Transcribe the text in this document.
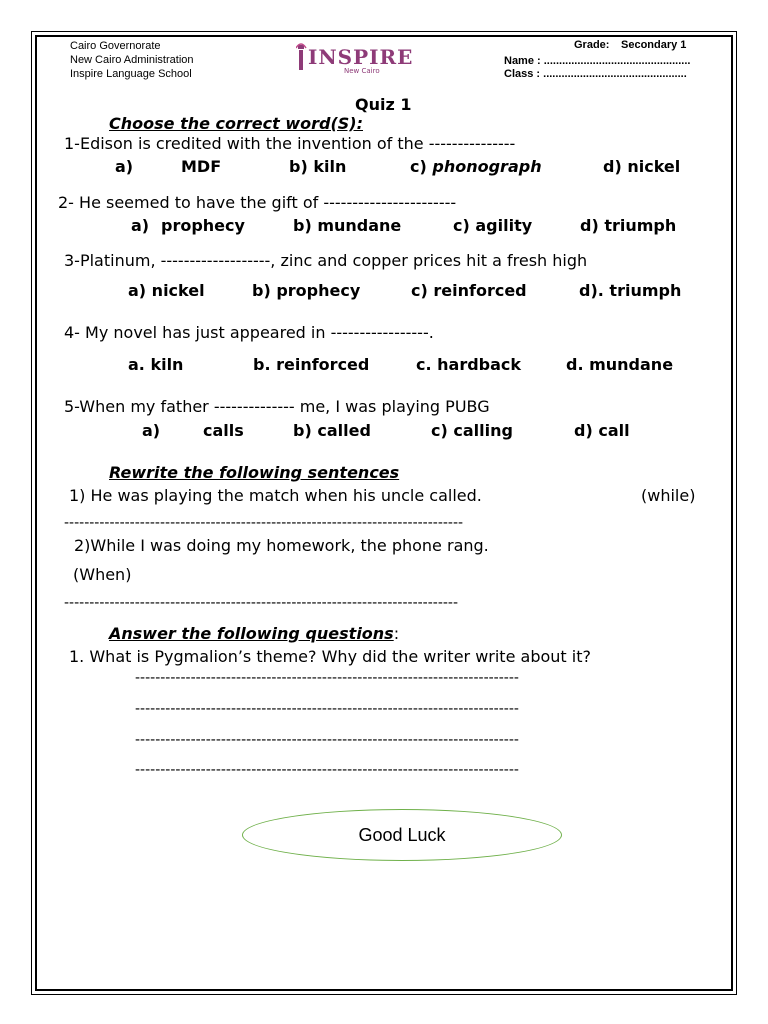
Cairo Governorate
New Cairo Administration
Inspire Language School
INSPIRE
New Cairo
Grade: Secondary 1
Name : ................................................
Class : ...............................................
Quiz 1
Choose the correct word(S):
1-Edison is credited with the invention of the ---------------
a)	MDF	b) kiln	c) phonograph	d) nickel
2- He seemed to have the gift of -----------------------
a) prophecy	b) mundane	c) agility	d) triumph
3-Platinum, -------------------, zinc and copper prices hit a fresh high
a) nickel	b) prophecy	c) reinforced	d). triumph
4- My novel has just appeared in -----------------.
a. kiln	b. reinforced	c. hardback	d. mundane
5-When my father -------------- me, I was playing PUBG
a)	calls	b) called	c) calling	d) call
Rewrite the following sentences
1) He was playing the match when his uncle called.	(while)
-------------------------------------------------------------------------------
2)While I was doing my homework, the phone rang.
(When)
------------------------------------------------------------------------------
Answer the following questions:
1. What is Pygmalion’s theme? Why did the writer write about it?
----------------------------------------------------------------------------
----------------------------------------------------------------------------
----------------------------------------------------------------------------
----------------------------------------------------------------------------
Good Luck
